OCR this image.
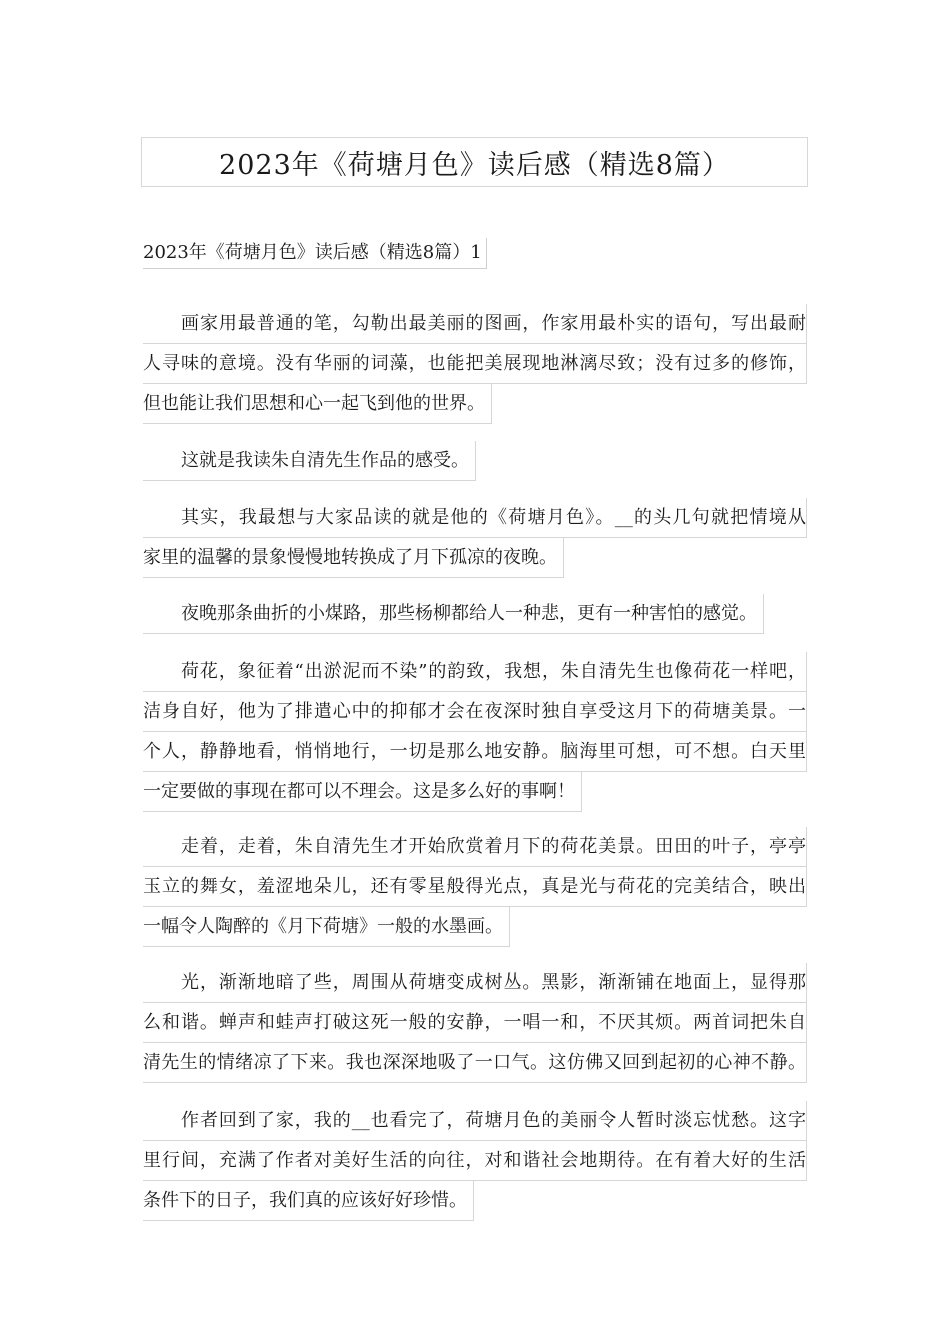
2023年《荷塘月色》读后感（精选8篇）
2023年《荷塘月色》读后感（精选8篇）1
画家用最普通的笔，勾勒出最美丽的图画，作家用最朴实的语句，写出最耐
人寻味的意境。没有华丽的词藻，也能把美展现地淋漓尽致；没有过多的修饰，
但也能让我们思想和心一起飞到他的世界。
这就是我读朱自清先生作品的感受。
其实，我最想与大家品读的就是他的《荷塘月色》。__的头几句就把情境从
家里的温馨的景象慢慢地转换成了月下孤凉的夜晚。
夜晚那条曲折的小煤路，那些杨柳都给人一种悲，更有一种害怕的感觉。
荷花，象征着“出淤泥而不染”的韵致，我想，朱自清先生也像荷花一样吧，
洁身自好，他为了排遣心中的抑郁才会在夜深时独自享受这月下的荷塘美景。一
个人，静静地看，悄悄地行，一切是那么地安静。脑海里可想，可不想。白天里
一定要做的事现在都可以不理会。这是多么好的事啊！
走着，走着，朱自清先生才开始欣赏着月下的荷花美景。田田的叶子，亭亭
玉立的舞女，羞涩地朵儿，还有零星般得光点，真是光与荷花的完美结合，映出
一幅令人陶醉的《月下荷塘》一般的水墨画。
光，渐渐地暗了些，周围从荷塘变成树丛。黑影，渐渐铺在地面上，显得那
么和谐。蝉声和蛙声打破这死一般的安静，一唱一和，不厌其烦。两首词把朱自
清先生的情绪凉了下来。我也深深地吸了一口气。这仿佛又回到起初的心神不静。
作者回到了家，我的__也看完了，荷塘月色的美丽令人暂时淡忘忧愁。这字
里行间，充满了作者对美好生活的向往，对和谐社会地期待。在有着大好的生活
条件下的日子，我们真的应该好好珍惜。
